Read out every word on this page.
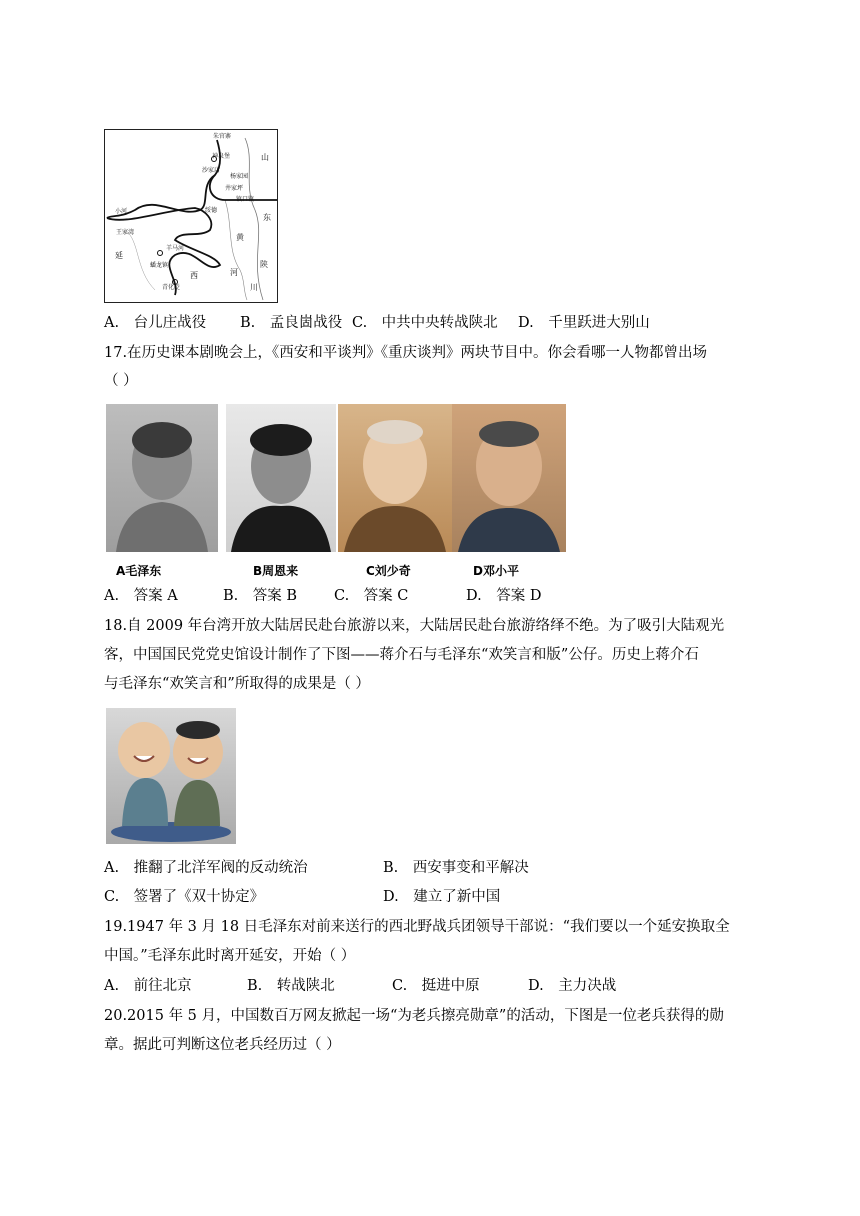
朱官寨
神泉堡
杨家园
沙家店
王家湾
小河	绥德
井家坪
镇口镇
青化砭
羊马河
蟠龙镇
延
西
山
东
黄
河
川
陕
A.　台儿庄战役 B.　孟良崮战役 C.　中共中央转战陕北 D.　千里跃进大别山
17.在历史课本剧晚会上，《西安和平谈判》《重庆谈判》两块节目中。你会看哪一人物都曾出场
（ ）
A毛泽东	B周恩来	C刘少奇	D邓小平
A.　答案 A	B.　答案 B	C.　答案 C	D.　答案 D
18.自 2009 年台湾开放大陆居民赴台旅游以来，大陆居民赴台旅游络绎不绝。为了吸引大陆观光
客，中国国民党党史馆设计制作了下图——蒋介石与毛泽东“欢笑言和版”公仔。历史上蒋介石
与毛泽东“欢笑言和”所取得的成果是（ ）
A.　推翻了北洋军阀的反动统治	B.　西安事变和平解决
C.　签署了《双十协定》	D.　建立了新中国
19.1947 年 3 月 18 日毛泽东对前来送行的西北野战兵团领导干部说：“我们要以一个延安换取全
中国。”毛泽东此时离开延安，开始（ ）
A.　前往北京	B.　转战陕北	C.　挺进中原	D.　主力决战
20.2015 年 5 月，中国数百万网友掀起一场“为老兵擦亮勋章”的活动，下图是一位老兵获得的勋
章。据此可判断这位老兵经历过（ ）
